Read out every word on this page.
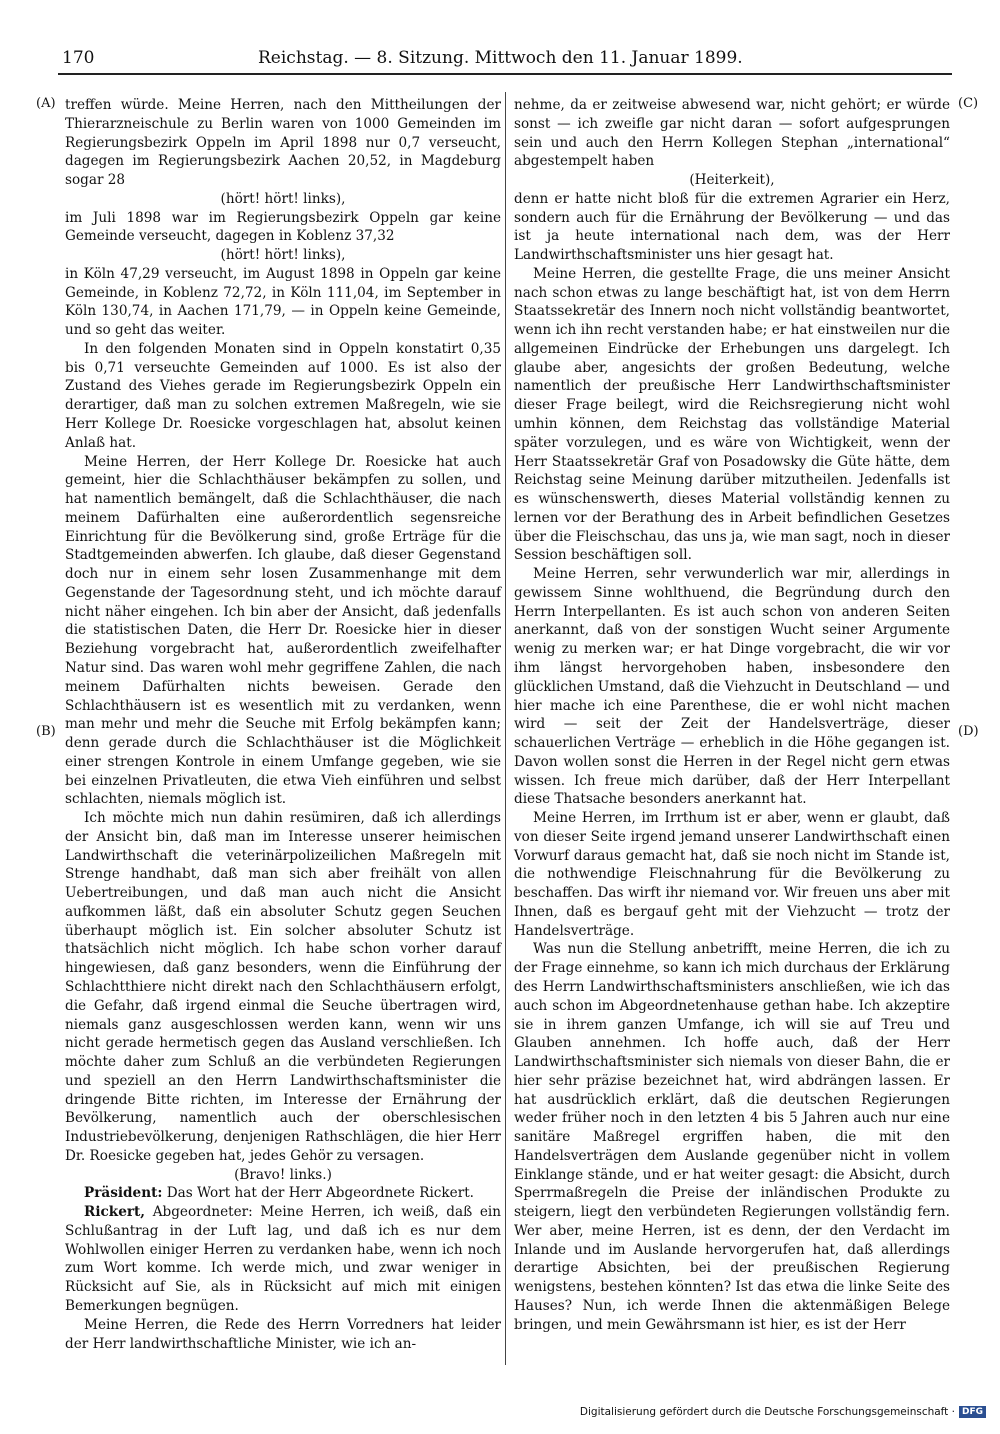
170	Reichstag. — 8. Sitzung. Mittwoch den 11. Januar 1899.
(A)
(B)
(C)
(D)

treffen würde. Meine Herren, nach den Mittheilungen der Thierarzneischule zu Berlin waren von 1000 Gemeinden im Regierungsbezirk Oppeln im April 1898 nur 0,7 verseucht, dagegen im Regierungsbezirk Aachen 20,52, in Magdeburg sogar 28

(hört! hört! links),

im Juli 1898 war im Regierungsbezirk Oppeln gar keine Gemeinde verseucht, dagegen in Koblenz 37,32

(hört! hört! links),

in Köln 47,29 verseucht, im August 1898 in Oppeln gar keine Gemeinde, in Koblenz 72,72, in Köln 111,04, im September in Köln 130,74, in Aachen 171,79, — in Oppeln keine Gemeinde, und so geht das weiter.

In den folgenden Monaten sind in Oppeln konstatirt 0,35 bis 0,71 verseuchte Gemeinden auf 1000. Es ist also der Zustand des Viehes gerade im Regierungsbezirk Oppeln ein derartiger, daß man zu solchen extremen Maßregeln, wie sie Herr Kollege Dr. Roesicke vorgeschlagen hat, absolut keinen Anlaß hat.

Meine Herren, der Herr Kollege Dr. Roesicke hat auch gemeint, hier die Schlachthäuser bekämpfen zu sollen, und hat namentlich bemängelt, daß die Schlachthäuser, die nach meinem Dafürhalten eine außerordentlich segensreiche Einrichtung für die Bevölkerung sind, große Erträge für die Stadtgemeinden abwerfen. Ich glaube, daß dieser Gegenstand doch nur in einem sehr losen Zusammenhange mit dem Gegenstande der Tagesordnung steht, und ich möchte darauf nicht näher eingehen. Ich bin aber der Ansicht, daß jedenfalls die statistischen Daten, die Herr Dr. Roesicke hier in dieser Beziehung vorgebracht hat, außerordentlich zweifelhafter Natur sind. Das waren wohl mehr gegriffene Zahlen, die nach meinem Dafürhalten nichts beweisen. Gerade den Schlachthäusern ist es wesentlich mit zu verdanken, wenn man mehr und mehr die Seuche mit Erfolg bekämpfen kann; denn gerade durch die Schlachthäuser ist die Möglichkeit einer strengen Kontrole in einem Umfange gegeben, wie sie bei einzelnen Privatleuten, die etwa Vieh einführen und selbst schlachten, niemals möglich ist.

Ich möchte mich nun dahin resümiren, daß ich allerdings der Ansicht bin, daß man im Interesse unserer heimischen Landwirthschaft die veterinärpolizeilichen Maßregeln mit Strenge handhabt, daß man sich aber freihält von allen Uebertreibungen, und daß man auch nicht die Ansicht aufkommen läßt, daß ein absoluter Schutz gegen Seuchen überhaupt möglich ist. Ein solcher absoluter Schutz ist thatsächlich nicht möglich. Ich habe schon vorher darauf hingewiesen, daß ganz besonders, wenn die Einführung der Schlachtthiere nicht direkt nach den Schlachthäusern erfolgt, die Gefahr, daß irgend einmal die Seuche übertragen wird, niemals ganz ausgeschlossen werden kann, wenn wir uns nicht gerade hermetisch gegen das Ausland verschließen. Ich möchte daher zum Schluß an die verbündeten Regierungen und speziell an den Herrn Landwirthschaftsminister die dringende Bitte richten, im Interesse der Ernährung der Bevölkerung, namentlich auch der oberschlesischen Industriebevölkerung, denjenigen Rathschlägen, die hier Herr Dr. Roesicke gegeben hat, jedes Gehör zu versagen.

(Bravo! links.)

Präsident: Das Wort hat der Herr Abgeordnete Rickert.

Rickert, Abgeordneter: Meine Herren, ich weiß, daß ein Schlußantrag in der Luft lag, und daß ich es nur dem Wohlwollen einiger Herren zu verdanken habe, wenn ich noch zum Wort komme. Ich werde mich, und zwar weniger in Rücksicht auf Sie, als in Rücksicht auf mich mit einigen Bemerkungen begnügen.

Meine Herren, die Rede des Herrn Vorredners hat leider der Herr landwirthschaftliche Minister, wie ich an-

nehme, da er zeitweise abwesend war, nicht gehört; er würde sonst — ich zweifle gar nicht daran — sofort aufgesprungen sein und auch den Herrn Kollegen Stephan „international“ abgestempelt haben

(Heiterkeit),

denn er hatte nicht bloß für die extremen Agrarier ein Herz, sondern auch für die Ernährung der Bevölkerung — und das ist ja heute international nach dem, was der Herr Landwirthschaftsminister uns hier gesagt hat.

Meine Herren, die gestellte Frage, die uns meiner Ansicht nach schon etwas zu lange beschäftigt hat, ist von dem Herrn Staatssekretär des Innern noch nicht vollständig beantwortet, wenn ich ihn recht verstanden habe; er hat einstweilen nur die allgemeinen Eindrücke der Erhebungen uns dargelegt. Ich glaube aber, angesichts der großen Bedeutung, welche namentlich der preußische Herr Landwirthschaftsminister dieser Frage beilegt, wird die Reichsregierung nicht wohl umhin können, dem Reichstag das vollständige Material später vorzulegen, und es wäre von Wichtigkeit, wenn der Herr Staatssekretär Graf von Posadowsky die Güte hätte, dem Reichstag seine Meinung darüber mitzutheilen. Jedenfalls ist es wünschenswerth, dieses Material vollständig kennen zu lernen vor der Berathung des in Arbeit befindlichen Gesetzes über die Fleischschau, das uns ja, wie man sagt, noch in dieser Session beschäftigen soll.

Meine Herren, sehr verwunderlich war mir, allerdings in gewissem Sinne wohlthuend, die Begründung durch den Herrn Interpellanten. Es ist auch schon von anderen Seiten anerkannt, daß von der sonstigen Wucht seiner Argumente wenig zu merken war; er hat Dinge vorgebracht, die wir vor ihm längst hervorgehoben haben, insbesondere den glücklichen Umstand, daß die Viehzucht in Deutschland — und hier mache ich eine Parenthese, die er wohl nicht machen wird — seit der Zeit der Handelsverträge, dieser schauerlichen Verträge — erheblich in die Höhe gegangen ist. Davon wollen sonst die Herren in der Regel nicht gern etwas wissen. Ich freue mich darüber, daß der Herr Interpellant diese Thatsache besonders anerkannt hat.

Meine Herren, im Irrthum ist er aber, wenn er glaubt, daß von dieser Seite irgend jemand unserer Landwirthschaft einen Vorwurf daraus gemacht hat, daß sie noch nicht im Stande ist, die nothwendige Fleischnahrung für die Bevölkerung zu beschaffen. Das wirft ihr niemand vor. Wir freuen uns aber mit Ihnen, daß es bergauf geht mit der Viehzucht — trotz der Handelsverträge.

Was nun die Stellung anbetrifft, meine Herren, die ich zu der Frage einnehme, so kann ich mich durchaus der Erklärung des Herrn Landwirthschaftsministers anschließen, wie ich das auch schon im Abgeordnetenhause gethan habe. Ich akzeptire sie in ihrem ganzen Umfange, ich will sie auf Treu und Glauben annehmen. Ich hoffe auch, daß der Herr Landwirthschaftsminister sich niemals von dieser Bahn, die er hier sehr präzise bezeichnet hat, wird abdrängen lassen. Er hat ausdrücklich erklärt, daß die deutschen Regierungen weder früher noch in den letzten 4 bis 5 Jahren auch nur eine sanitäre Maßregel ergriffen haben, die mit den Handelsverträgen dem Auslande gegenüber nicht in vollem Einklange stände, und er hat weiter gesagt: die Absicht, durch Sperrmaßregeln die Preise der inländischen Produkte zu steigern, liegt den verbündeten Regierungen vollständig fern. Wer aber, meine Herren, ist es denn, der den Verdacht im Inlande und im Auslande hervorgerufen hat, daß allerdings derartige Absichten, bei der preußischen Regierung wenigstens, bestehen könnten? Ist das etwa die linke Seite des Hauses? Nun, ich werde Ihnen die aktenmäßigen Belege bringen, und mein Gewährsmann ist hier, es ist der Herr

Digitalisierung gefördert durch die Deutsche Forschungsgemeinschaft · DFG
